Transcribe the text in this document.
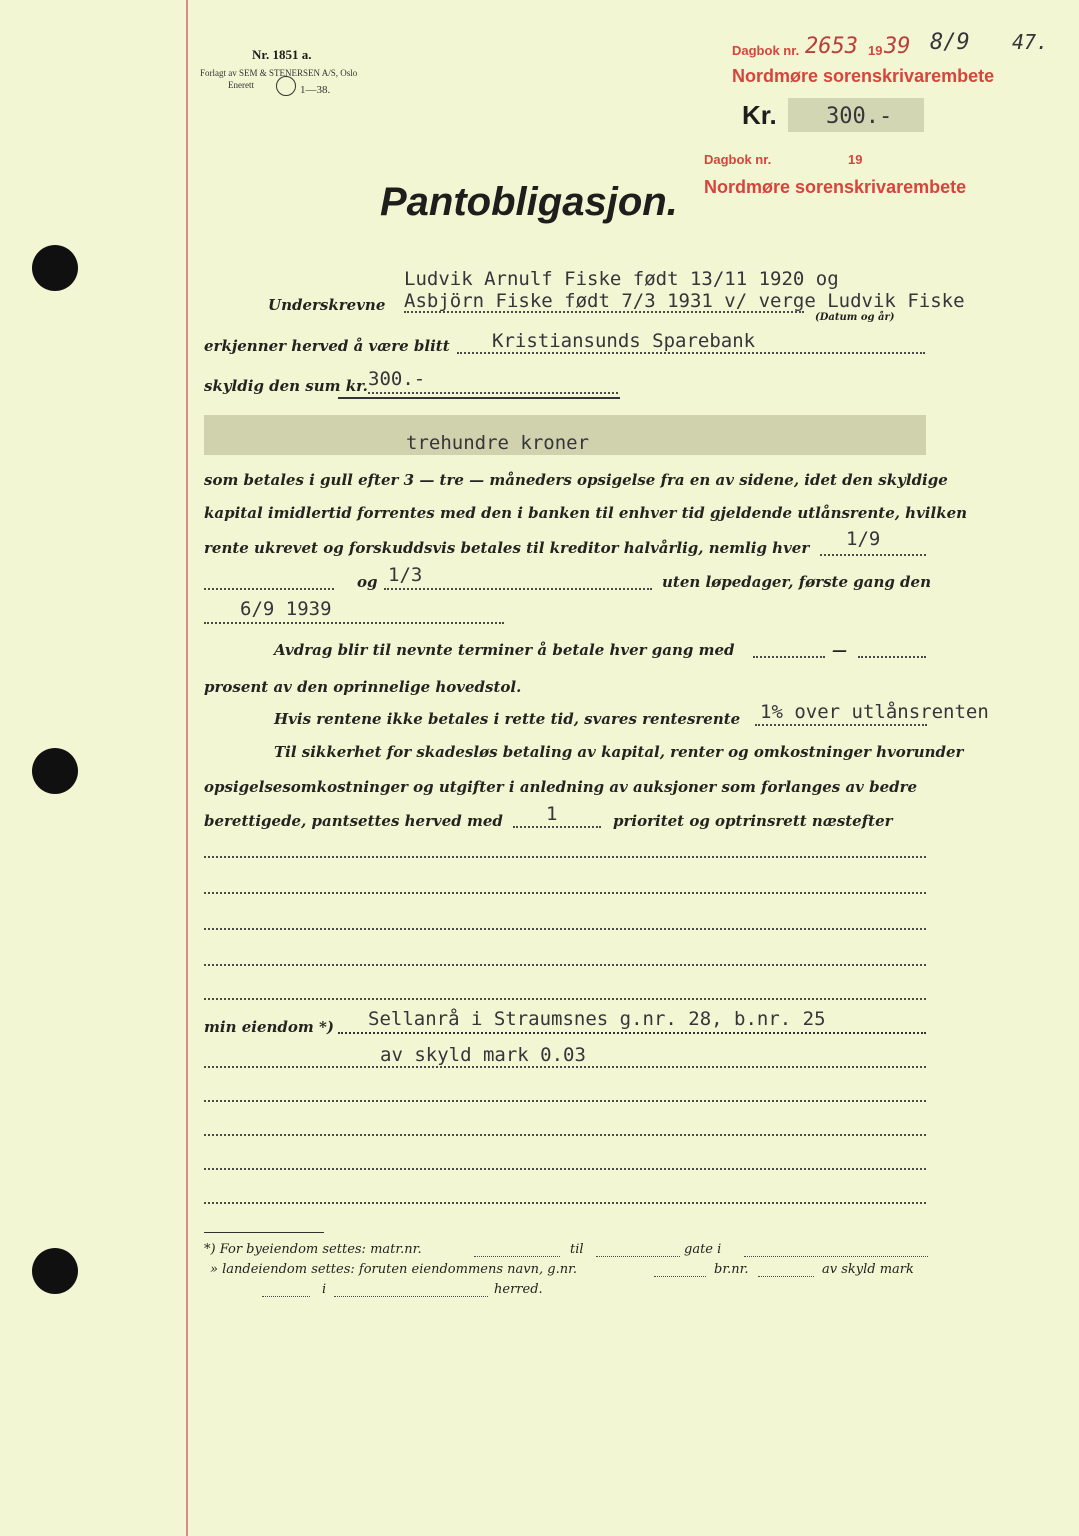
Nr. 1851 a.
Forlagt av SEM & STENERSEN A/S, Oslo
Enerett	1—38.
Dagbok nr. 2653 19 39 8/9
Nordmøre sorenskrivarembete
47.
Kr. 300.-
Dagbok nr.	19
Nordmøre sorenskrivarembete
Pantobligasjon.
Ludvik Arnulf Fiske født 13/11 1920 og
Underskrevne Asbjörn Fiske født 7/3 1931 v/ verge Ludvik Fiske
(Datum og år)
erkjenner herved å være blitt Kristiansunds Sparebank
skyldig den sum kr. 300.-
trehundre kroner
som betales i gull efter 3 — tre — måneders opsigelse fra en av sidene, idet den skyldige
kapital imidlertid forrentes med den i banken til enhver tid gjeldende utlånsrente, hvilken
rente ukrevet og forskuddsvis betales til kreditor halvårlig, nemlig hver 1/9
og 1/3	uten løpedager, første gang den
6/9 1939
Avdrag blir til nevnte terminer å betale hver gang med	—
prosent av den oprinnelige hovedstol.
Hvis rentene ikke betales i rette tid, svares rentesrente 1% over utlånsrenten
Til sikkerhet for skadesløs betaling av kapital, renter og omkostninger hvorunder
opsigelsesomkostninger og utgifter i anledning av auksjoner som forlanges av bedre
berettigede, pantsettes herved med 1	prioritet og optrinsrett næstefter
min eiendom *) Sellanrå i Straumsnes g.nr. 28, b.nr. 25
av skyld mark 0.03
*) For byeiendom settes: matr.nr.	til	gate i
» landeiendom settes: foruten eiendommens navn, g.nr.	br.nr.	av skyld mark
i	herred.
